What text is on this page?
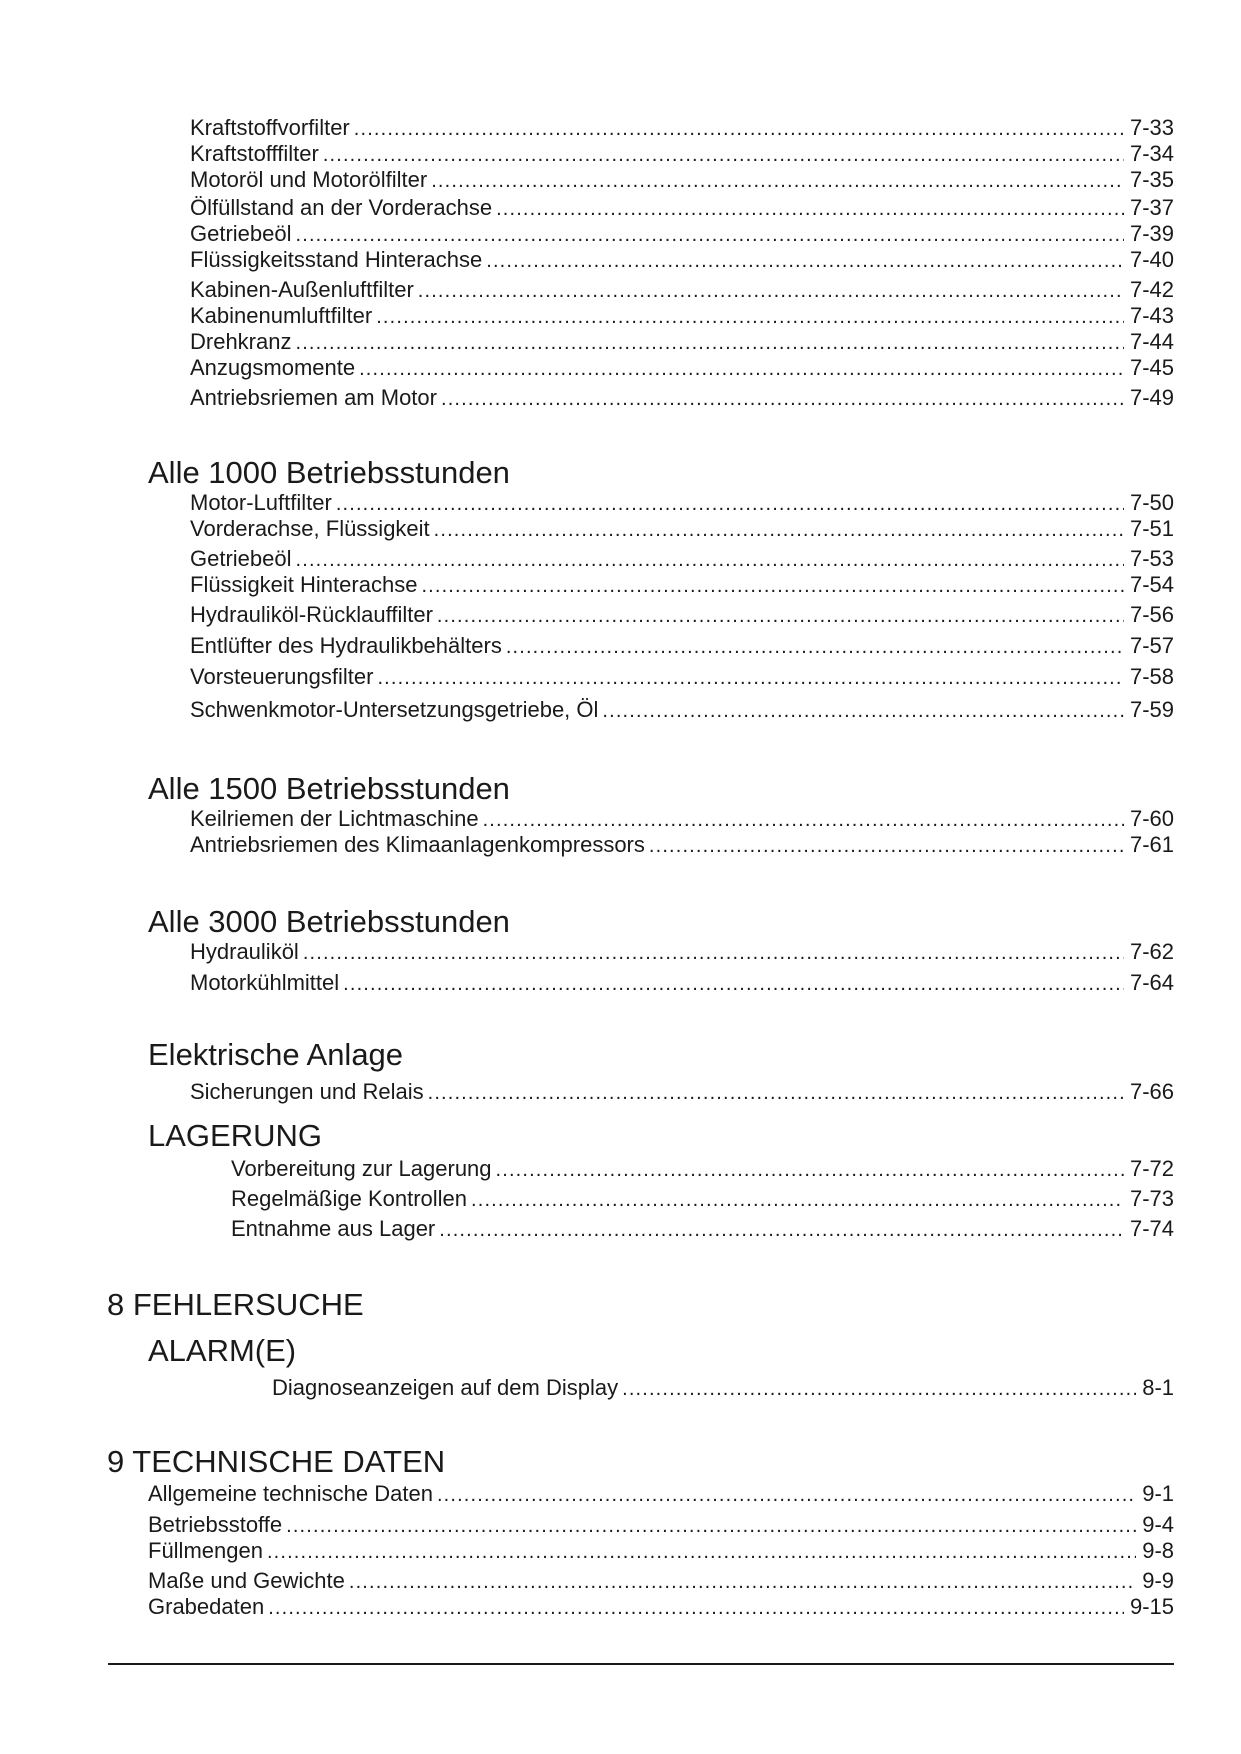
Kraftstoffvorfilter . . .	7-33
Kraftstofffilter . . .	7-34
Motoröl und Motorölfilter . . .	7-35
Ölfüllstand an der Vorderachse . . .	7-37
Getriebeöl . . .	7-39
Flüssigkeitsstand Hinterachse . . .	7-40
Kabinen-Außenluftfilter . . .	7-42
Kabinenumluftfilter . . .	7-43
Drehkranz . . .	7-44
Anzugsmomente . . .	7-45
Antriebsriemen am Motor . . .	7-49
Alle 1000 Betriebsstunden
Motor-Luftfilter . . .	7-50
Vorderachse, Flüssigkeit . . .	7-51
Getriebeöl . . .	7-53
Flüssigkeit Hinterachse . . .	7-54
Hydrauliköl-Rücklauffilter . . .	7-56
Entlüfter des Hydraulikbehälters . . .	7-57
Vorsteuerungsfilter . . .	7-58
Schwenkmotor-Untersetzungsgetriebe, Öl . . .	7-59
Alle 1500 Betriebsstunden
Keilriemen der Lichtmaschine . . .	7-60
Antriebsriemen des Klimaanlagenkompressors . . .	7-61
Alle 3000 Betriebsstunden
Hydrauliköl . . .	7-62
Motorkühlmittel . . .	7-64
Elektrische Anlage
Sicherungen und Relais . . .	7-66
LAGERUNG
Vorbereitung zur Lagerung . . .	7-72
Regelmäßige Kontrollen . . .	7-73
Entnahme aus Lager . . .	7-74
8 FEHLERSUCHE
ALARM(E)
Diagnoseanzeigen auf dem Display . . .	8-1
9 TECHNISCHE DATEN
Allgemeine technische Daten . . .	9-1
Betriebsstoffe . . .	9-4
Füllmengen . . .	9-8
Maße und Gewichte . . .	9-9
Grabedaten . . .	9-15
